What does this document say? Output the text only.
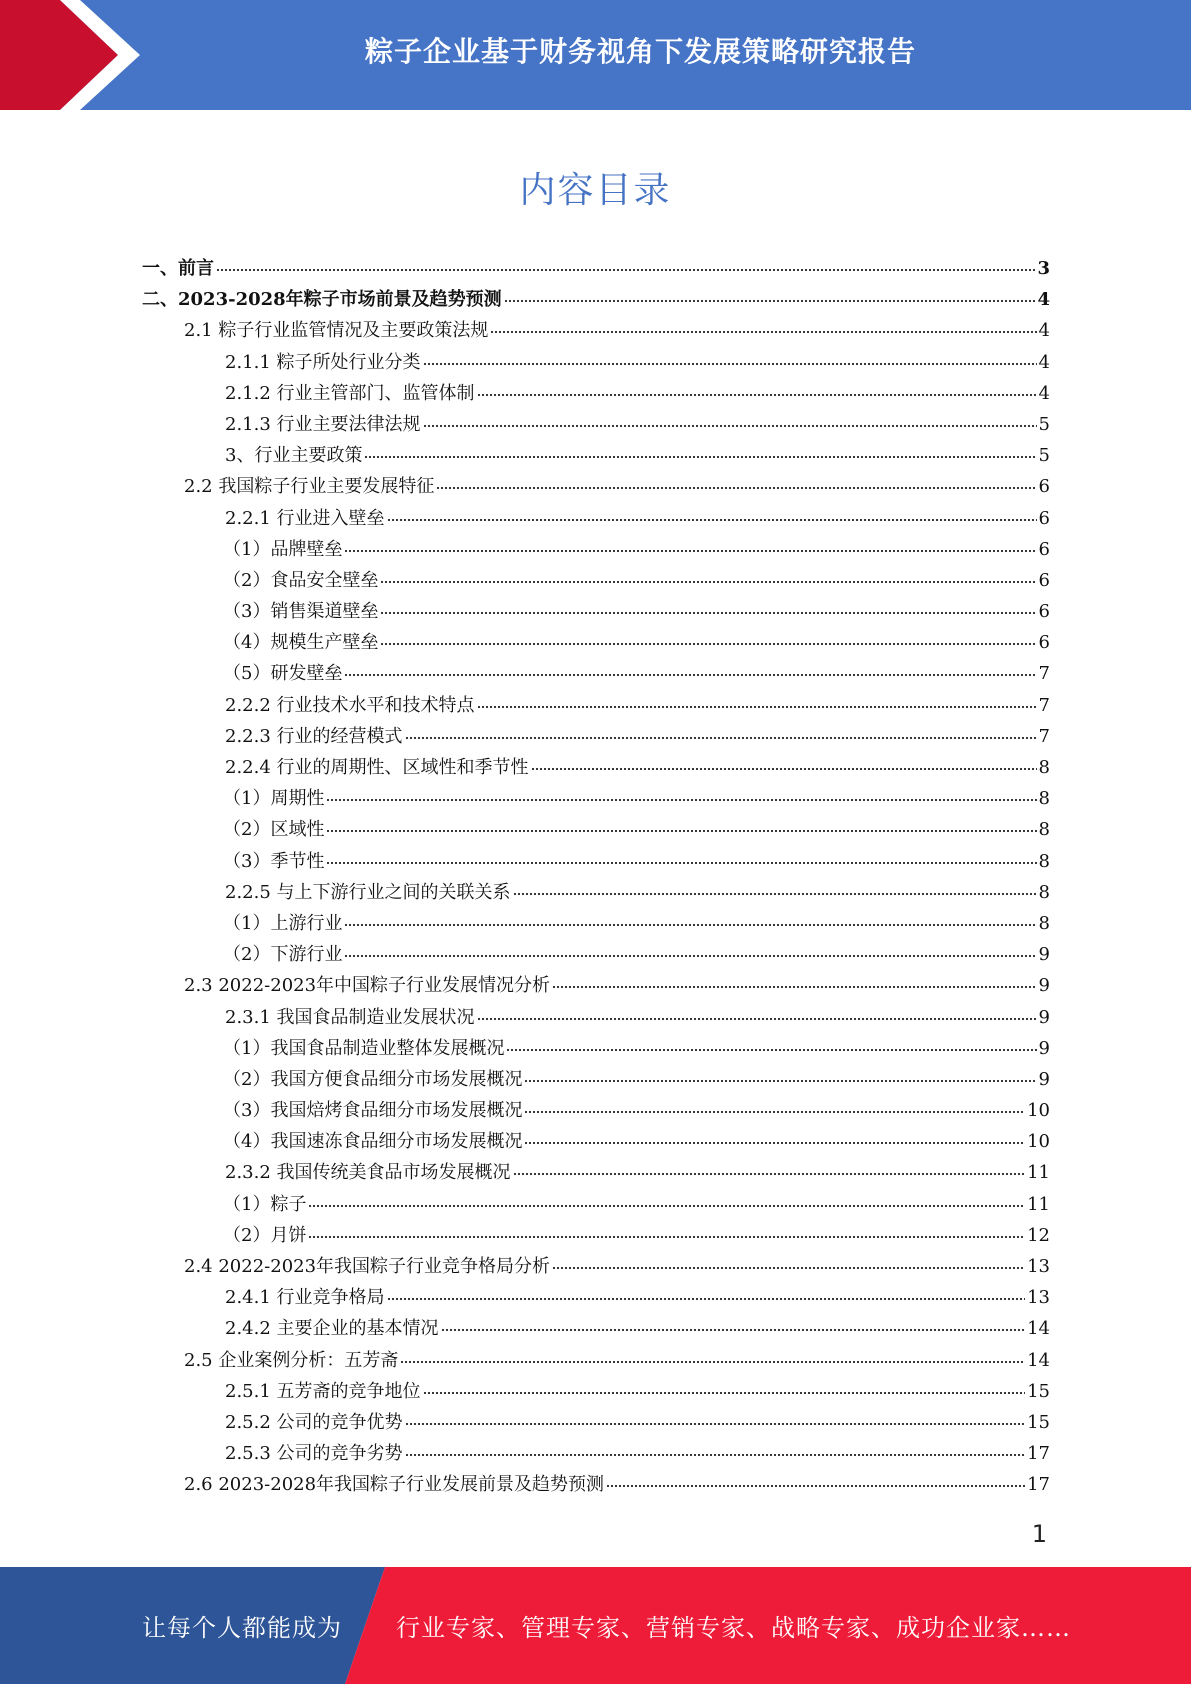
粽子企业基于财务视角下发展策略研究报告
内容目录
一、前言	3
二、2023-2028年粽子市场前景及趋势预测	4
2.1 粽子行业监管情况及主要政策法规	4
2.1.1 粽子所处行业分类	4
2.1.2 行业主管部门、监管体制	4
2.1.3 行业主要法律法规	5
3、行业主要政策	5
2.2 我国粽子行业主要发展特征	6
2.2.1 行业进入壁垒	6
（1）品牌壁垒	6
（2）食品安全壁垒	6
（3）销售渠道壁垒	6
（4）规模生产壁垒	6
（5）研发壁垒	7
2.2.2 行业技术水平和技术特点	7
2.2.3 行业的经营模式	7
2.2.4 行业的周期性、区域性和季节性	8
（1）周期性	8
（2）区域性	8
（3）季节性	8
2.2.5 与上下游行业之间的关联关系	8
（1）上游行业	8
（2）下游行业	9
2.3 2022-2023年中国粽子行业发展情况分析	9
2.3.1 我国食品制造业发展状况	9
（1）我国食品制造业整体发展概况	9
（2）我国方便食品细分市场发展概况	9
（3）我国焙烤食品细分市场发展概况	10
（4）我国速冻食品细分市场发展概况	10
2.3.2 我国传统美食品市场发展概况	11
（1）粽子	11
（2）月饼	12
2.4 2022-2023年我国粽子行业竞争格局分析	13
2.4.1 行业竞争格局	13
2.4.2 主要企业的基本情况	14
2.5 企业案例分析：五芳斋	14
2.5.1 五芳斋的竞争地位	15
2.5.2 公司的竞争优势	15
2.5.3 公司的竞争劣势	17
2.6 2023-2028年我国粽子行业发展前景及趋势预测	17
1
让每个人都能成为 行业专家、管理专家、营销专家、战略专家、成功企业家……
